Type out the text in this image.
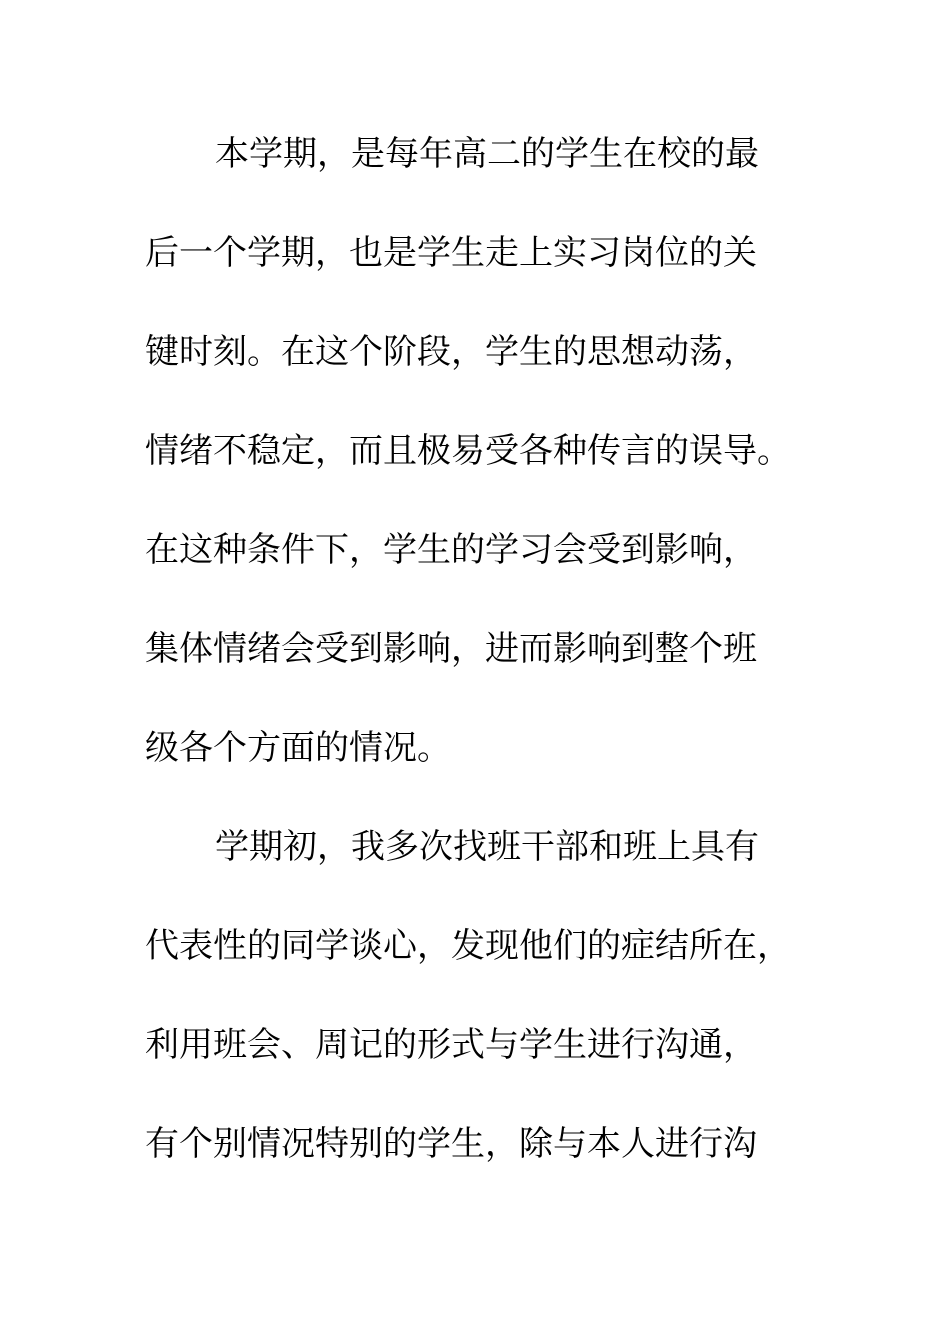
本学期，是每年高二的学生在校的最
后一个学期，也是学生走上实习岗位的关
键时刻。在这个阶段，学生的思想动荡，
情绪不稳定，而且极易受各种传言的误导。
在这种条件下，学生的学习会受到影响，
集体情绪会受到影响，进而影响到整个班
级各个方面的情况。
学期初，我多次找班干部和班上具有
代表性的同学谈心，发现他们的症结所在，
利用班会、周记的形式与学生进行沟通，
有个别情况特别的学生，除与本人进行沟
